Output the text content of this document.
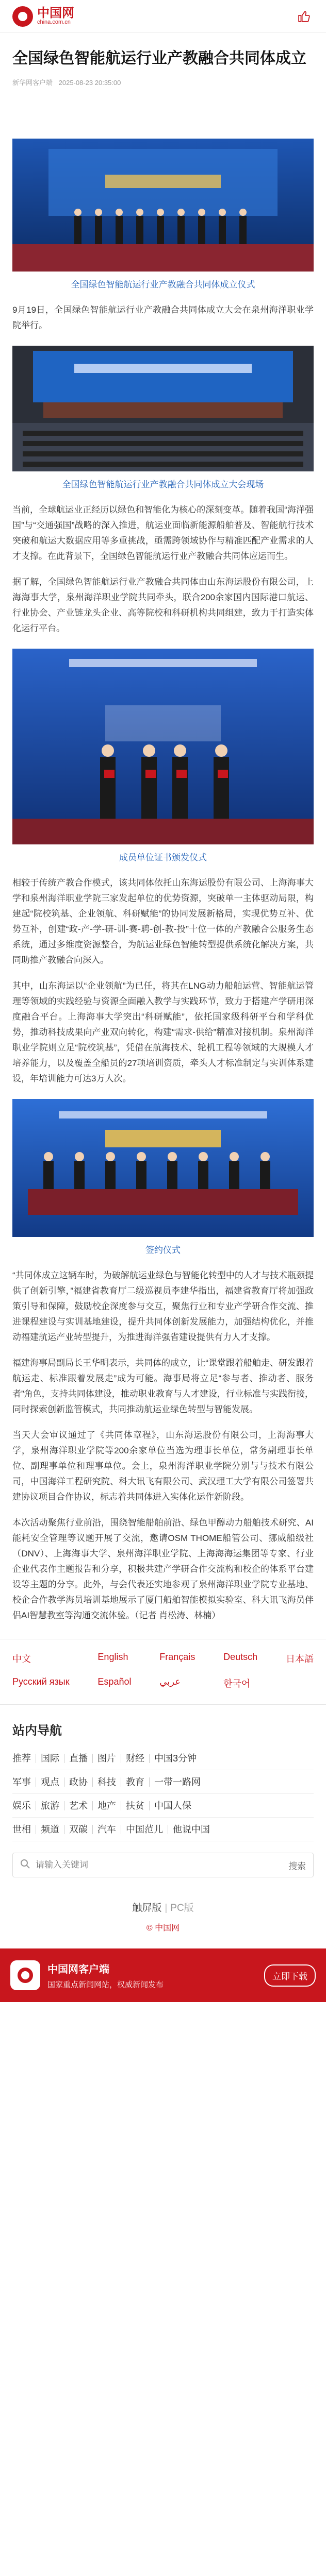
中国网
china.com.cn
全国绿色智能航运行业产教融合共同体成立
新华网客户端 2025-08-23 20:35:00

全国绿色智能航运行业产教融合共同体成立仪式

9月19日，全国绿色智能航运行业产教融合共同体成立大会在泉州海洋职业学院举行。

全国绿色智能航运行业产教融合共同体成立大会现场

当前，全球航运业正经历以绿色和智能化为核心的深刻变革。随着我国“海洋强国”与“交通强国”战略的深入推进，航运业面临新能源船舶普及、智能航行技术突破和航运大数据应用等多重挑战，亟需跨领域协作与精准匹配产业需求的人才支撑。在此背景下，全国绿色智能航运行业产教融合共同体应运而生。

据了解，全国绿色智能航运行业产教融合共同体由山东海运股份有限公司，上海海事大学，泉州海洋职业学院共同牵头，联合200余家国内国际港口航运、行业协会、产业链龙头企业、高等院校和科研机构共同组建，致力于打造实体化运行平台。

成员单位证书颁发仪式

相较于传统产教合作模式，该共同体依托山东海运股份有限公司、上海海事大学和泉州海洋职业学院三家发起单位的优势资源，突破单一主体驱动局限，构建起“院校筑基、企业领航、科研赋能”的协同发展新格局，实现优势互补、优势互补，创建“政-产-学-研-训-赛-聘-创-教-投”十位一体的产教融合公服务生态系统，通过多维度资源整合，为航运业绿色智能转型提供系统化解决方案，共同助推产教融合向深入。

其中，山东海运以“企业领航”为已任，将其在LNG动力船舶运营、智能航运管理等领域的实践经验与资源全面融入教学与实践环节，致力于搭建产学研用深度融合平台。上海海事大学突出“科研赋能”，依托国家级科研平台和学科优势，推动科技成果向产业双向转化，构建“需求-供给”精准对接机制。泉州海洋职业学院则立足“院校筑基”，凭借在航海技术、轮机工程等领域的大规模人才培养能力，以及覆盖全船员的27项培训资质，牵头人才标准制定与实训体系建设，年培训能力可达3万人次。

签约仪式

“共同体成立这辆车时，为破解航运业绿色与智能化转型中的人才与技术瓶颈提供了创新引擎，”福建省教育厅二级巡视员李建华指出，福建省教育厅将加强政策引导和保障，鼓励校企深度参与交互，聚焦行业和专业产学研合作交流、推进课程建设与实训基地建设，提升共同体创新发展能力，加强结构优化，并推动福建航运产业转型提升，为推进海洋强省建设提供有力人才支撑。

福建海事局副局长王华明表示，共同体的成立，让“课堂跟着船舶走、研发跟着航运走、标准跟着发展走”成为可能。海事局将立足“参与者、推动者、服务者”角色，支持共同体建设，推动职业教育与人才建设，行业标准与实践衔接，同时探索创新监管模式，共同推动航运业绿色转型与智能发展。

当天大会审议通过了《共同体章程》，山东海运股份有限公司，上海海事大学，泉州海洋职业学院等200余家单位当选为理事长单位，常务副理事长单位、副理事单位和理事单位。会上，泉州海洋职业学院分别与与技术有限公司，中国海洋工程研究院、科大讯飞有限公司、武汉理工大学有限公司签署共建协议项目合作协议，标志着共同体进入实体化运作新阶段。

本次活动聚焦行业前沿，围绕智能船舶前沿、绿色甲醇动力船舶技术研究、AI能耗安全管理等议题开展了交流，邀请OSM THOME船管公司、挪威船级社（DNV）、上海海事大学、泉州海洋职业学院、上海海海运集团等专家、行业企业代表作主题报告和分享，积极共建产学研合作交流构和校企的体系平台建设等主题的分享。此外，与会代表还实地参观了泉州海洋职业学院专业基地、校企合作教学海员培训基地展示了厦门船舶智能模拟实验室、科大讯飞海员伴侣AI智慧教室等沟通交流体验。（记者 肖松涛、林楠）

中文	English	Français	Deutsch	日本語
Русский язык	Español	عربي	한국어
站内导航
推荐	国际	直播	图片	财经	中国3分钟
军事	观点	政协	科技	教育	一带一路网
娱乐	旅游	艺术	地产	扶贫	中国人保
世相	频道	双碳	汽车	中国范儿	他说中国
请输入关键词
搜索
触屏版 | PC版
© 中国网
中国网客户端
国家重点新闻网站，权威新闻发布
立即下载
